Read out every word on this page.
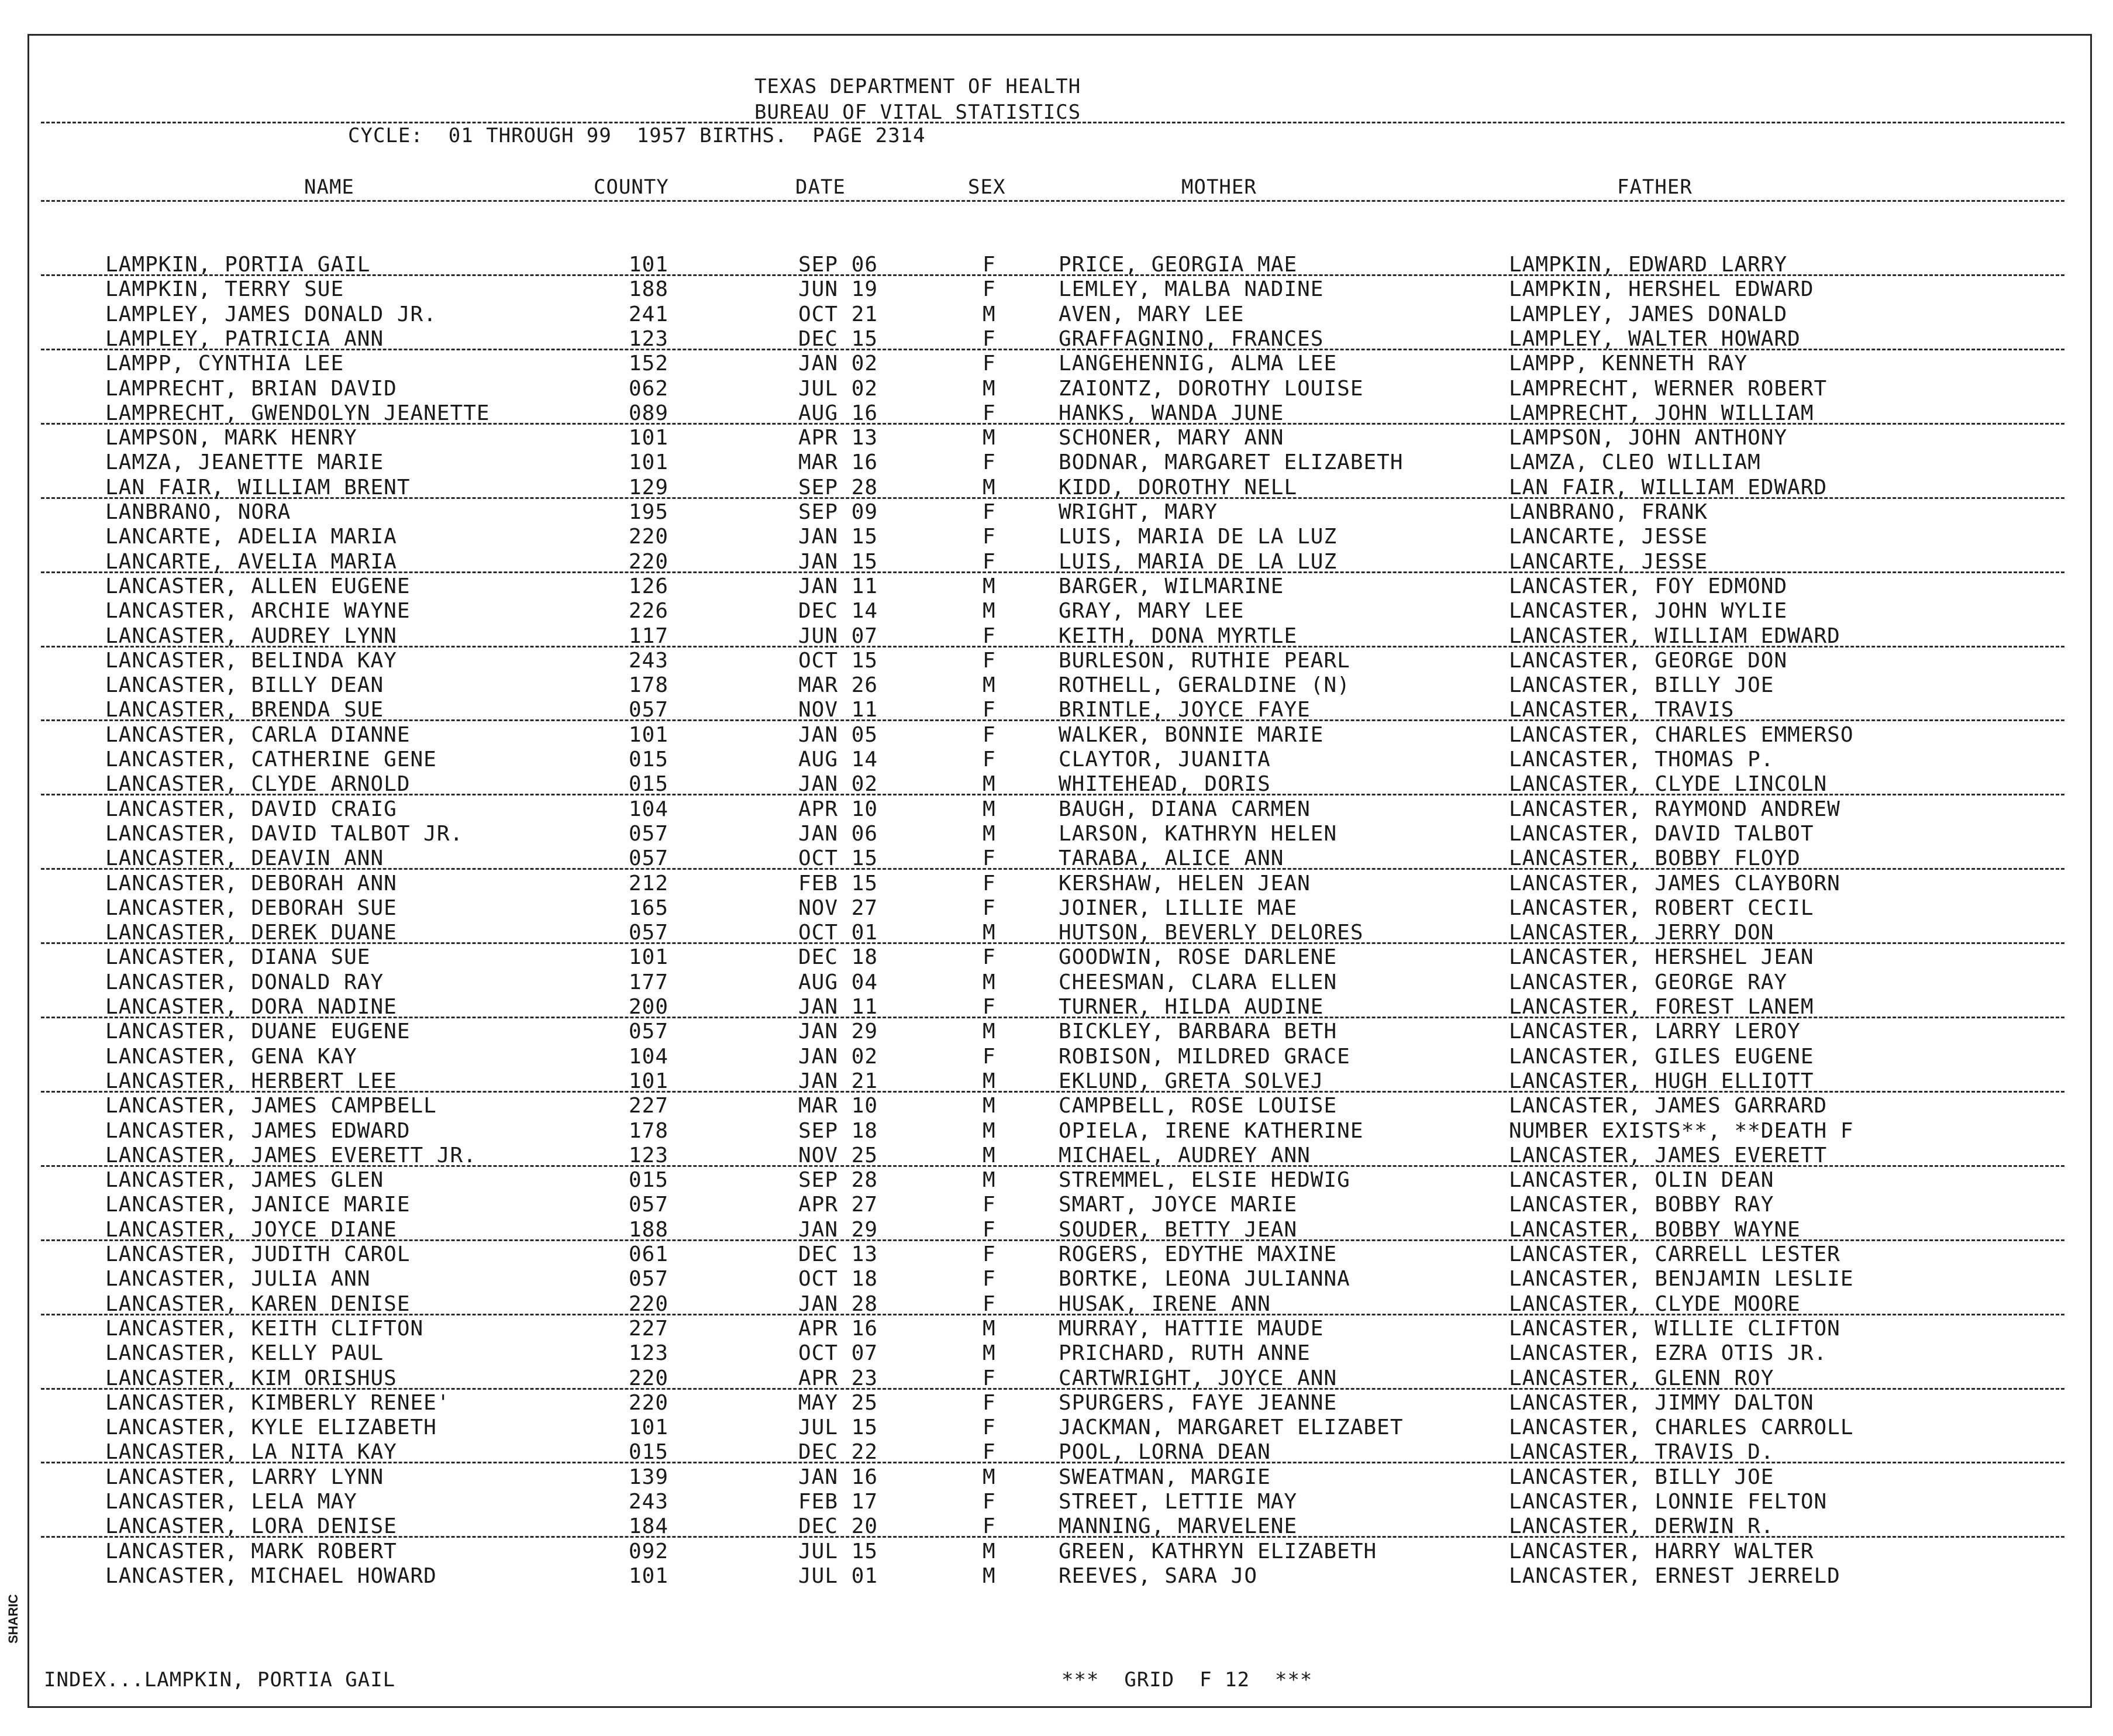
SHARIC
TEXAS DEPARTMENT OF HEALTH
BUREAU OF VITAL STATISTICS
CYCLE:  01 THROUGH 99  1957 BIRTHS.  PAGE 2314
NAME	COUNTY	DATE	SEX	MOTHER	FATHER
LAMPKIN, PORTIA GAIL	101	SEP 06	F	PRICE, GEORGIA MAE	LAMPKIN, EDWARD LARRY
LAMPKIN, TERRY SUE	188	JUN 19	F	LEMLEY, MALBA NADINE	LAMPKIN, HERSHEL EDWARD
LAMPLEY, JAMES DONALD JR.	241	OCT 21	M	AVEN, MARY LEE	LAMPLEY, JAMES DONALD
LAMPLEY, PATRICIA ANN	123	DEC 15	F	GRAFFAGNINO, FRANCES	LAMPLEY, WALTER HOWARD
LAMPP, CYNTHIA LEE	152	JAN 02	F	LANGEHENNIG, ALMA LEE	LAMPP, KENNETH RAY
LAMPRECHT, BRIAN DAVID	062	JUL 02	M	ZAIONTZ, DOROTHY LOUISE	LAMPRECHT, WERNER ROBERT
LAMPRECHT, GWENDOLYN JEANETTE	089	AUG 16	F	HANKS, WANDA JUNE	LAMPRECHT, JOHN WILLIAM
LAMPSON, MARK HENRY	101	APR 13	M	SCHONER, MARY ANN	LAMPSON, JOHN ANTHONY
LAMZA, JEANETTE MARIE	101	MAR 16	F	BODNAR, MARGARET ELIZABETH	LAMZA, CLEO WILLIAM
LAN FAIR, WILLIAM BRENT	129	SEP 28	M	KIDD, DOROTHY NELL	LAN FAIR, WILLIAM EDWARD
LANBRANO, NORA	195	SEP 09	F	WRIGHT, MARY	LANBRANO, FRANK
LANCARTE, ADELIA MARIA	220	JAN 15	F	LUIS, MARIA DE LA LUZ	LANCARTE, JESSE
LANCARTE, AVELIA MARIA	220	JAN 15	F	LUIS, MARIA DE LA LUZ	LANCARTE, JESSE
LANCASTER, ALLEN EUGENE	126	JAN 11	M	BARGER, WILMARINE	LANCASTER, FOY EDMOND
LANCASTER, ARCHIE WAYNE	226	DEC 14	M	GRAY, MARY LEE	LANCASTER, JOHN WYLIE
LANCASTER, AUDREY LYNN	117	JUN 07	F	KEITH, DONA MYRTLE	LANCASTER, WILLIAM EDWARD
LANCASTER, BELINDA KAY	243	OCT 15	F	BURLESON, RUTHIE PEARL	LANCASTER, GEORGE DON
LANCASTER, BILLY DEAN	178	MAR 26	M	ROTHELL, GERALDINE (N)	LANCASTER, BILLY JOE
LANCASTER, BRENDA SUE	057	NOV 11	F	BRINTLE, JOYCE FAYE	LANCASTER, TRAVIS
LANCASTER, CARLA DIANNE	101	JAN 05	F	WALKER, BONNIE MARIE	LANCASTER, CHARLES EMMERSO
LANCASTER, CATHERINE GENE	015	AUG 14	F	CLAYTOR, JUANITA	LANCASTER, THOMAS P.
LANCASTER, CLYDE ARNOLD	015	JAN 02	M	WHITEHEAD, DORIS	LANCASTER, CLYDE LINCOLN
LANCASTER, DAVID CRAIG	104	APR 10	M	BAUGH, DIANA CARMEN	LANCASTER, RAYMOND ANDREW
LANCASTER, DAVID TALBOT JR.	057	JAN 06	M	LARSON, KATHRYN HELEN	LANCASTER, DAVID TALBOT
LANCASTER, DEAVIN ANN	057	OCT 15	F	TARABA, ALICE ANN	LANCASTER, BOBBY FLOYD
LANCASTER, DEBORAH ANN	212	FEB 15	F	KERSHAW, HELEN JEAN	LANCASTER, JAMES CLAYBORN
LANCASTER, DEBORAH SUE	165	NOV 27	F	JOINER, LILLIE MAE	LANCASTER, ROBERT CECIL
LANCASTER, DEREK DUANE	057	OCT 01	M	HUTSON, BEVERLY DELORES	LANCASTER, JERRY DON
LANCASTER, DIANA SUE	101	DEC 18	F	GOODWIN, ROSE DARLENE	LANCASTER, HERSHEL JEAN
LANCASTER, DONALD RAY	177	AUG 04	M	CHEESMAN, CLARA ELLEN	LANCASTER, GEORGE RAY
LANCASTER, DORA NADINE	200	JAN 11	F	TURNER, HILDA AUDINE	LANCASTER, FOREST LANEM
LANCASTER, DUANE EUGENE	057	JAN 29	M	BICKLEY, BARBARA BETH	LANCASTER, LARRY LEROY
LANCASTER, GENA KAY	104	JAN 02	F	ROBISON, MILDRED GRACE	LANCASTER, GILES EUGENE
LANCASTER, HERBERT LEE	101	JAN 21	M	EKLUND, GRETA SOLVEJ	LANCASTER, HUGH ELLIOTT
LANCASTER, JAMES CAMPBELL	227	MAR 10	M	CAMPBELL, ROSE LOUISE	LANCASTER, JAMES GARRARD
LANCASTER, JAMES EDWARD	178	SEP 18	M	OPIELA, IRENE KATHERINE	NUMBER EXISTS**, **DEATH F
LANCASTER, JAMES EVERETT JR.	123	NOV 25	M	MICHAEL, AUDREY ANN	LANCASTER, JAMES EVERETT
LANCASTER, JAMES GLEN	015	SEP 28	M	STREMMEL, ELSIE HEDWIG	LANCASTER, OLIN DEAN
LANCASTER, JANICE MARIE	057	APR 27	F	SMART, JOYCE MARIE	LANCASTER, BOBBY RAY
LANCASTER, JOYCE DIANE	188	JAN 29	F	SOUDER, BETTY JEAN	LANCASTER, BOBBY WAYNE
LANCASTER, JUDITH CAROL	061	DEC 13	F	ROGERS, EDYTHE MAXINE	LANCASTER, CARRELL LESTER
LANCASTER, JULIA ANN	057	OCT 18	F	BORTKE, LEONA JULIANNA	LANCASTER, BENJAMIN LESLIE
LANCASTER, KAREN DENISE	220	JAN 28	F	HUSAK, IRENE ANN	LANCASTER, CLYDE MOORE
LANCASTER, KEITH CLIFTON	227	APR 16	M	MURRAY, HATTIE MAUDE	LANCASTER, WILLIE CLIFTON
LANCASTER, KELLY PAUL	123	OCT 07	M	PRICHARD, RUTH ANNE	LANCASTER, EZRA OTIS JR.
LANCASTER, KIM ORISHUS	220	APR 23	F	CARTWRIGHT, JOYCE ANN	LANCASTER, GLENN ROY
LANCASTER, KIMBERLY RENEE'	220	MAY 25	F	SPURGERS, FAYE JEANNE	LANCASTER, JIMMY DALTON
LANCASTER, KYLE ELIZABETH	101	JUL 15	F	JACKMAN, MARGARET ELIZABET	LANCASTER, CHARLES CARROLL
LANCASTER, LA NITA KAY	015	DEC 22	F	POOL, LORNA DEAN	LANCASTER, TRAVIS D.
LANCASTER, LARRY LYNN	139	JAN 16	M	SWEATMAN, MARGIE	LANCASTER, BILLY JOE
LANCASTER, LELA MAY	243	FEB 17	F	STREET, LETTIE MAY	LANCASTER, LONNIE FELTON
LANCASTER, LORA DENISE	184	DEC 20	F	MANNING, MARVELENE	LANCASTER, DERWIN R.
LANCASTER, MARK ROBERT	092	JUL 15	M	GREEN, KATHRYN ELIZABETH	LANCASTER, HARRY WALTER
LANCASTER, MICHAEL HOWARD	101	JUL 01	M	REEVES, SARA JO	LANCASTER, ERNEST JERRELD
INDEX...LAMPKIN, PORTIA GAIL	***  GRID  F 12  ***
